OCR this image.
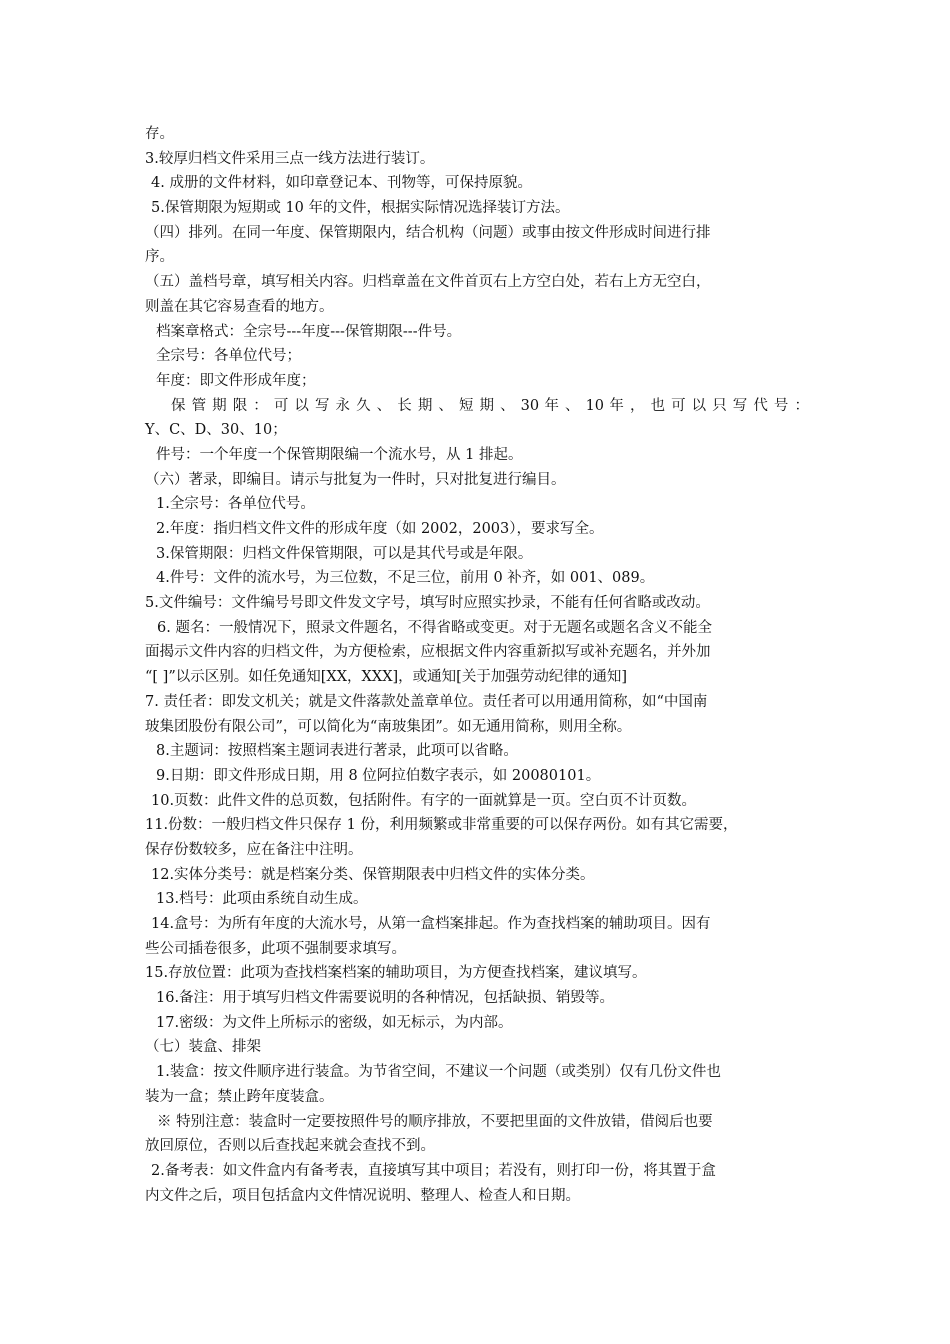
存。
3.较厚归档文件采用三点一线方法进行装订。
4. 成册的文件材料，如印章登记本、刊物等，可保持原貌。
5.保管期限为短期或 10 年的文件，根据实际情况选择装订方法。
（四）排列。在同一年度、保管期限内，结合机构（问题）或事由按文件形成时间进行排
序。
（五）盖档号章，填写相关内容。归档章盖在文件首页右上方空白处，若右上方无空白，
则盖在其它容易查看的地方。
档案章格式：全宗号---年度---保管期限---件号。
全宗号：各单位代号；
年度：即文件形成年度；
保 管 期 限 ： 可 以 写 永 久 、 长 期 、 短 期 、 30 年 、 10 年 ， 也 可 以 只 写 代 号 ：
Y、C、D、30、10；
件号：一个年度一个保管期限编一个流水号，从 1 排起。
（六）著录，即编目。请示与批复为一件时，只对批复进行编目。
1.全宗号：各单位代号。
2.年度：指归档文件文件的形成年度（如 2002，2003），要求写全。
3.保管期限：归档文件保管期限，可以是其代号或是年限。
4.件号：文件的流水号，为三位数，不足三位，前用 0 补齐，如 001、089。
5.文件编号：文件编号号即文件发文字号，填写时应照实抄录，不能有任何省略或改动。
6. 题名：一般情况下，照录文件题名，不得省略或变更。对于无题名或题名含义不能全
面揭示文件内容的归档文件，为方便检索，应根据文件内容重新拟写或补充题名，并外加
“[ ]”以示区别。如任免通知[XX，XXX]，或通知[关于加强劳动纪律的通知]
7. 责任者：即发文机关；就是文件落款处盖章单位。责任者可以用通用简称，如“中国南
玻集团股份有限公司”，可以简化为“南玻集团”。如无通用简称，则用全称。
8.主题词：按照档案主题词表进行著录，此项可以省略。
9.日期：即文件形成日期，用 8 位阿拉伯数字表示，如 20080101。
10.页数：此件文件的总页数，包括附件。有字的一面就算是一页。空白页不计页数。
11.份数：一般归档文件只保存 1 份，利用频繁或非常重要的可以保存两份。如有其它需要，
保存份数较多，应在备注中注明。
12.实体分类号：就是档案分类、保管期限表中归档文件的实体分类。
13.档号：此项由系统自动生成。
14.盒号：为所有年度的大流水号，从第一盒档案排起。作为查找档案的辅助项目。因有
些公司插卷很多，此项不强制要求填写。
15.存放位置：此项为查找档案档案的辅助项目，为方便查找档案，建议填写。
16.备注：用于填写归档文件需要说明的各种情况，包括缺损、销毁等。
17.密级：为文件上所标示的密级，如无标示，为内部。
（七）装盒、排架
1.装盒：按文件顺序进行装盒。为节省空间，不建议一个问题（或类别）仅有几份文件也
装为一盒；禁止跨年度装盒。
※ 特别注意：装盒时一定要按照件号的顺序排放，不要把里面的文件放错，借阅后也要
放回原位，否则以后查找起来就会查找不到。
2.备考表：如文件盒内有备考表，直接填写其中项目；若没有，则打印一份，将其置于盒
内文件之后，项目包括盒内文件情况说明、整理人、检查人和日期。
